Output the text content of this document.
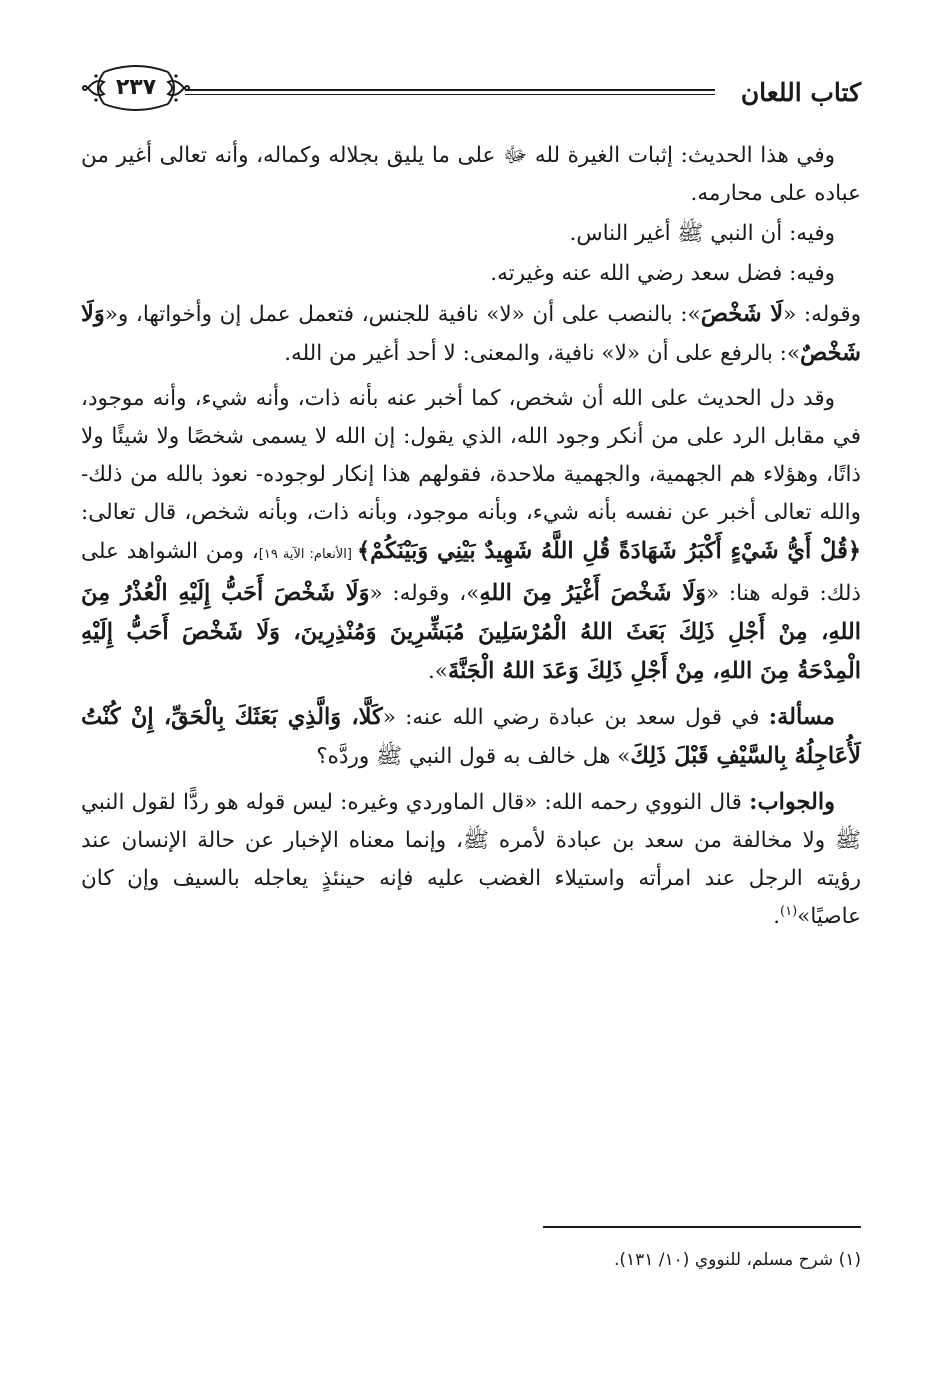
كتاب اللعان
٢٣٧

وفي هذا الحديث: إثبات الغيرة لله ﷻ على ما يليق بجلاله وكماله، وأنه تعالى أغير من عباده على محارمه.

وفيه: أن النبي ﷺ أغير الناس.

وفيه: فضل سعد رضي الله عنه وغيرته.

وقوله: «لَا شَخْصَ»: بالنصب على أن «لا» نافية للجنس، فتعمل عمل إن وأخواتها، و«وَلَا شَخْصٌ»: بالرفع على أن «لا» نافية، والمعنى: لا أحد أغير من الله.

وقد دل الحديث على الله أن شخص، كما أخبر عنه بأنه ذات، وأنه شيء، وأنه موجود، في مقابل الرد على من أنكر وجود الله، الذي يقول: إن الله لا يسمى شخصًا ولا شيئًا ولا ذاتًا، وهؤلاء هم الجهمية، والجهمية ملاحدة، فقولهم هذا إنكار لوجوده- نعوذ بالله من ذلك- والله تعالى أخبر عن نفسه بأنه شيء، وبأنه موجود، وبأنه ذات، وبأنه شخص، قال تعالى: ﴿قُلْ أَيُّ شَيْءٍ أَكْبَرُ شَهَادَةً قُلِ اللَّهُ شَهِيدٌ بَيْنِي وَبَيْنَكُمْ﴾ [الأنعام: الآية ١٩]، ومن الشواهد على ذلك: قوله هنا: «وَلَا شَخْصَ أَغْيَرُ مِنَ اللهِ»، وقوله: «وَلَا شَخْصَ أَحَبُّ إِلَيْهِ الْعُذْرُ مِنَ اللهِ، مِنْ أَجْلِ ذَلِكَ بَعَثَ اللهُ الْمُرْسَلِينَ مُبَشِّرِينَ وَمُنْذِرِينَ، وَلَا شَخْصَ أَحَبُّ إِلَيْهِ الْمِدْحَةُ مِنَ اللهِ، مِنْ أَجْلِ ذَلِكَ وَعَدَ اللهُ الْجَنَّةَ».

مسألة: في قول سعد بن عبادة رضي الله عنه: «كَلَّا، وَالَّذِي بَعَثَكَ بِالْحَقِّ، إِنْ كُنْتُ لَأُعَاجِلُهُ بِالسَّيْفِ قَبْلَ ذَلِكَ» هل خالف به قول النبي ﷺ وردَّه؟

والجواب: قال النووي رحمه الله: «قال الماوردي وغيره: ليس قوله هو ردًّا لقول النبي ﷺ ولا مخالفة من سعد بن عبادة لأمره ﷺ، وإنما معناه الإخبار عن حالة الإنسان عند رؤيته الرجل عند امرأته واستيلاء الغضب عليه فإنه حينئذٍ يعاجله بالسيف وإن كان عاصيًا»$^{(١)}$.

(١) شرح مسلم، للنووي (١٠/ ١٣١).
